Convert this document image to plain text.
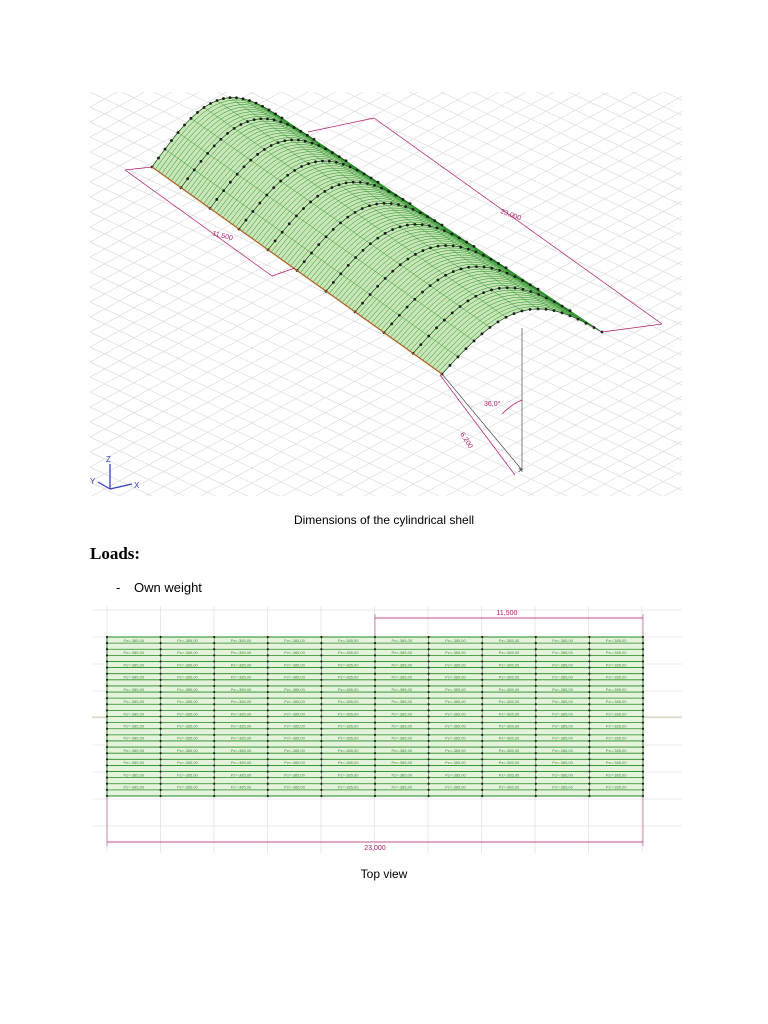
×
11,500
23,000
6,200
36,0°
Z
X
Y
Dimensions of the cylindrical shell
Loads:
- Own weight
Pz=-385,00
Pz=-385,00
Pz=-385,00
Pz=-385,00
Pz=-385,00
Pz=-385,00
Pz=-385,00
Pz=-385,00
Pz=-385,00
Pz=-385,00
Pz=-385,00
Pz=-385,00
Pz=-385,00
Pz=-385,00
Pz=-385,00
Pz=-385,00
Pz=-385,00
Pz=-385,00
Pz=-385,00
Pz=-385,00
Pz=-385,00
Pz=-385,00
Pz=-385,00
Pz=-385,00
Pz=-385,00
Pz=-385,00
Pz=-385,00
Pz=-385,00
Pz=-385,00
Pz=-385,00
Pz=-385,00
Pz=-385,00
Pz=-385,00
Pz=-385,00
Pz=-385,00
Pz=-385,00
Pz=-385,00
Pz=-385,00
Pz=-385,00
Pz=-385,00
Pz=-385,00
Pz=-385,00
Pz=-385,00
Pz=-385,00
Pz=-385,00
Pz=-385,00
Pz=-385,00
Pz=-385,00
Pz=-385,00
Pz=-385,00
Pz=-385,00
Pz=-385,00
Pz=-385,00
Pz=-385,00
Pz=-385,00
Pz=-385,00
Pz=-385,00
Pz=-385,00
Pz=-385,00
Pz=-385,00
Pz=-385,00
Pz=-385,00
Pz=-385,00
Pz=-385,00
Pz=-385,00
Pz=-385,00
Pz=-385,00
Pz=-385,00
Pz=-385,00
Pz=-385,00
Pz=-385,00
Pz=-385,00
Pz=-385,00
Pz=-385,00
Pz=-385,00
Pz=-385,00
Pz=-385,00
Pz=-385,00
Pz=-385,00
Pz=-385,00
Pz=-385,00
Pz=-385,00
Pz=-385,00
Pz=-385,00
Pz=-385,00
Pz=-385,00
Pz=-385,00
Pz=-385,00
Pz=-385,00
Pz=-385,00
Pz=-385,00
Pz=-385,00
Pz=-385,00
Pz=-385,00
Pz=-385,00
Pz=-385,00
Pz=-385,00
Pz=-385,00
Pz=-385,00
Pz=-385,00
Pz=-385,00
Pz=-385,00
Pz=-385,00
Pz=-385,00
Pz=-385,00
Pz=-385,00
Pz=-385,00
Pz=-385,00
Pz=-385,00
Pz=-385,00
Pz=-385,00
Pz=-385,00
Pz=-385,00
Pz=-385,00
Pz=-385,00
Pz=-385,00
Pz=-385,00
Pz=-385,00
Pz=-385,00
Pz=-385,00
Pz=-385,00
Pz=-385,00
Pz=-385,00
Pz=-385,00
Pz=-385,00
Pz=-385,00
Pz=-385,00
Pz=-385,00
Pz=-385,00
Pz=-385,00
11,500
23,000
Top view
